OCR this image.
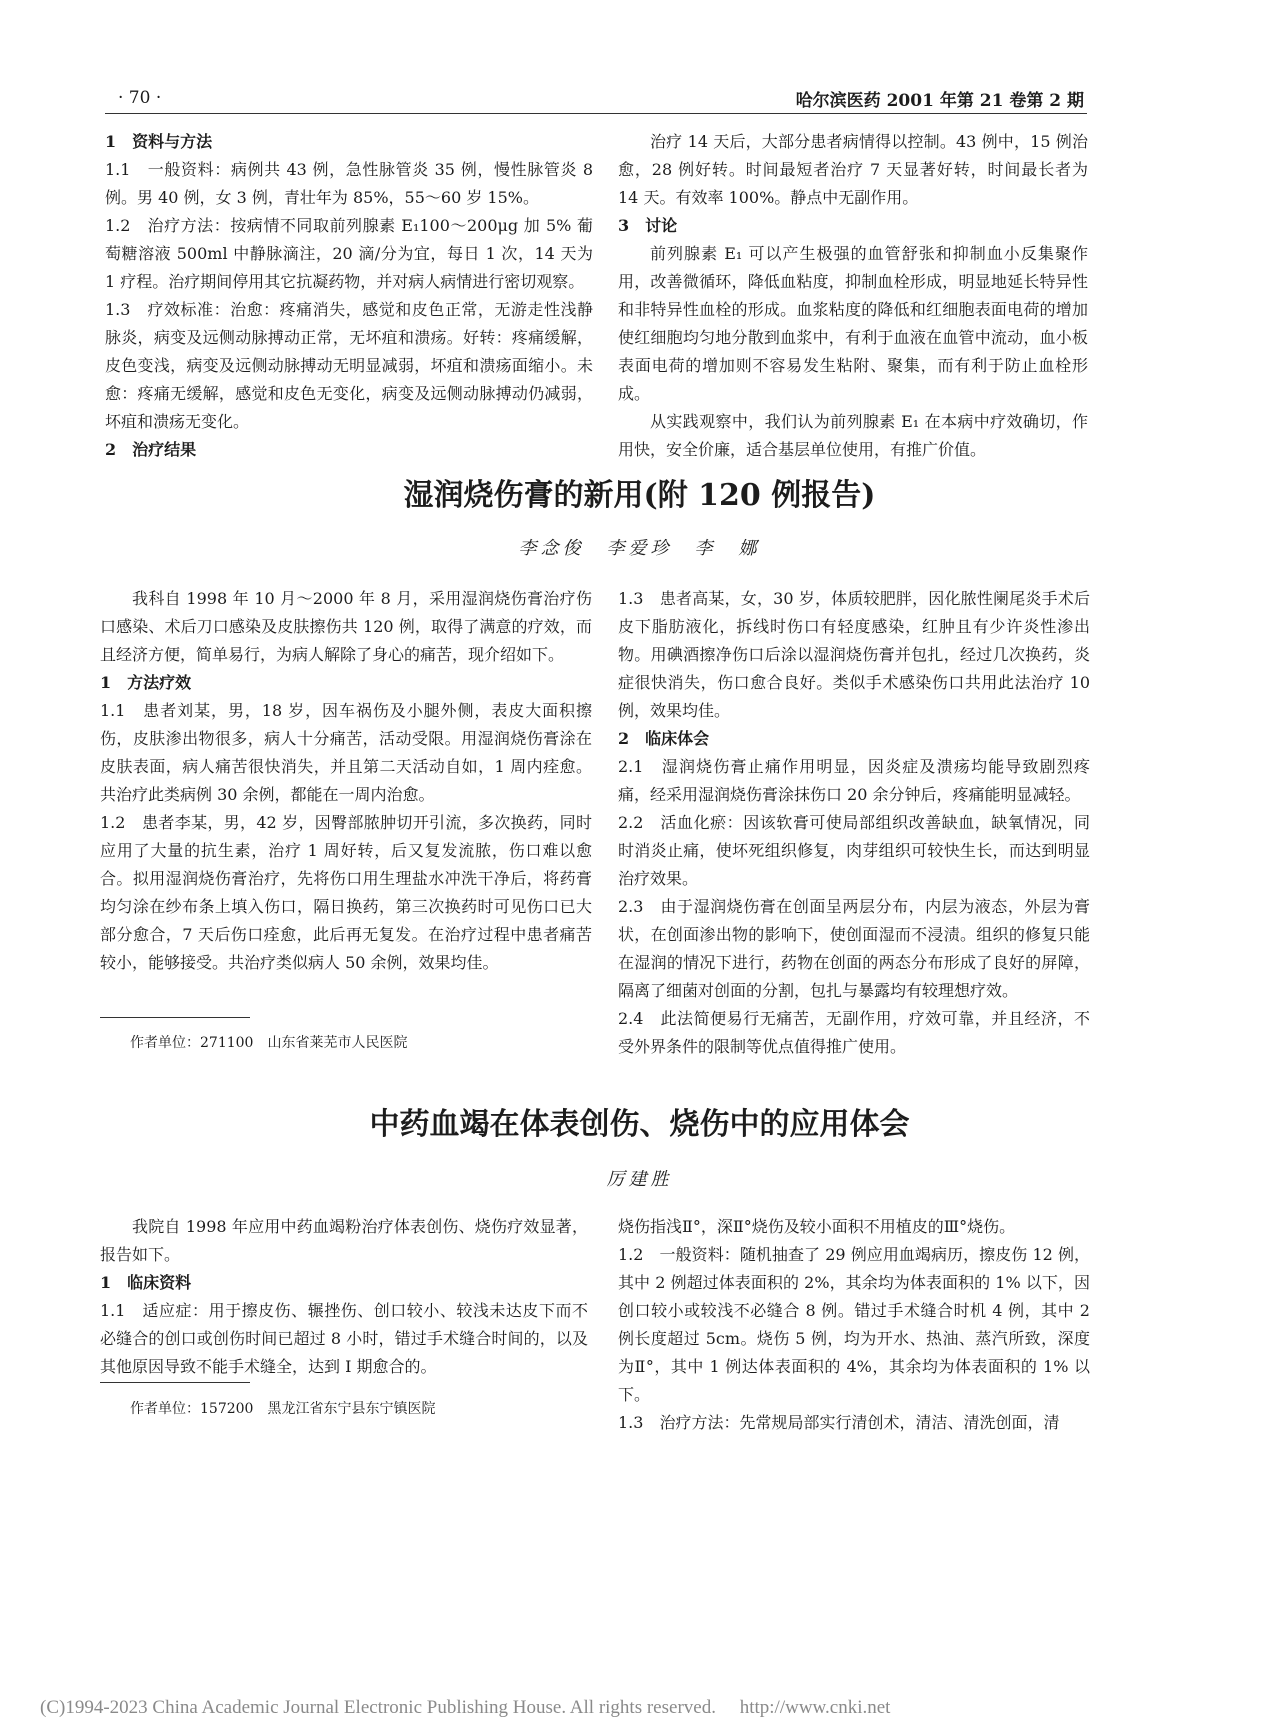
· 70 ·	哈尔滨医药 2001 年第 21 卷第 2 期

1　资料与方法

1.1　一般资料：病例共 43 例，急性脉管炎 35 例，慢性脉管炎 8 例。男 40 例，女 3 例，青壮年为 85%，55～60 岁 15%。

1.2　治疗方法：按病情不同取前列腺素 E₁100～200μg 加 5% 葡萄糖溶液 500ml 中静脉滴注，20 滴/分为宜，每日 1 次，14 天为 1 疗程。治疗期间停用其它抗凝药物，并对病人病情进行密切观察。

1.3　疗效标准：治愈：疼痛消失，感觉和皮色正常，无游走性浅静脉炎，病变及远侧动脉搏动正常，无坏疽和溃疡。好转：疼痛缓解，皮色变浅，病变及远侧动脉搏动无明显减弱，坏疽和溃疡面缩小。未愈：疼痛无缓解，感觉和皮色无变化，病变及远侧动脉搏动仍减弱，坏疽和溃疡无变化。

2　治疗结果

治疗 14 天后，大部分患者病情得以控制。43 例中，15 例治愈，28 例好转。时间最短者治疗 7 天显著好转，时间最长者为 14 天。有效率 100%。静点中无副作用。

3　讨论

前列腺素 E₁ 可以产生极强的血管舒张和抑制血小反集聚作用，改善微循环，降低血粘度，抑制血栓形成，明显地延长特异性和非特异性血栓的形成。血浆粘度的降低和红细胞表面电荷的增加使红细胞均匀地分散到血浆中，有利于血液在血管中流动，血小板表面电荷的增加则不容易发生粘附、聚集，而有利于防止血栓形成。

从实践观察中，我们认为前列腺素 E₁ 在本病中疗效确切，作用快，安全价廉，适合基层单位使用，有推广价值。

湿润烧伤膏的新用(附 120 例报告)
李念俊　李爱珍　李　娜

我科自 1998 年 10 月～2000 年 8 月，采用湿润烧伤膏治疗伤口感染、术后刀口感染及皮肤擦伤共 120 例，取得了满意的疗效，而且经济方便，简单易行，为病人解除了身心的痛苦，现介绍如下。

1　方法疗效

1.1　患者刘某，男，18 岁，因车祸伤及小腿外侧，表皮大面积擦伤，皮肤渗出物很多，病人十分痛苦，活动受限。用湿润烧伤膏涂在皮肤表面，病人痛苦很快消失，并且第二天活动自如，1 周内痊愈。共治疗此类病例 30 余例，都能在一周内治愈。

1.2　患者李某，男，42 岁，因臀部脓肿切开引流，多次换药，同时应用了大量的抗生素，治疗 1 周好转，后又复发流脓，伤口难以愈合。拟用湿润烧伤膏治疗，先将伤口用生理盐水冲洗干净后，将药膏均匀涂在纱布条上填入伤口，隔日换药，第三次换药时可见伤口已大部分愈合，7 天后伤口痊愈，此后再无复发。在治疗过程中患者痛苦较小，能够接受。共治疗类似病人 50 余例，效果均佳。

1.3　患者高某，女，30 岁，体质较肥胖，因化脓性阑尾炎手术后皮下脂肪液化，拆线时伤口有轻度感染，红肿且有少许炎性渗出物。用碘酒擦净伤口后涂以湿润烧伤膏并包扎，经过几次换药，炎症很快消失，伤口愈合良好。类似手术感染伤口共用此法治疗 10 例，效果均佳。

2　临床体会

2.1　湿润烧伤膏止痛作用明显，因炎症及溃疡均能导致剧烈疼痛，经采用湿润烧伤膏涂抹伤口 20 余分钟后，疼痛能明显减轻。

2.2　活血化瘀：因该软膏可使局部组织改善缺血，缺氧情况，同时消炎止痛，使坏死组织修复，肉芽组织可较快生长，而达到明显治疗效果。

2.3　由于湿润烧伤膏在创面呈两层分布，内层为液态，外层为膏状，在创面渗出物的影响下，使创面湿而不浸渍。组织的修复只能在湿润的情况下进行，药物在创面的两态分布形成了良好的屏障，隔离了细菌对创面的分割，包扎与暴露均有较理想疗效。

2.4　此法简便易行无痛苦，无副作用，疗效可靠，并且经济，不受外界条件的限制等优点值得推广使用。

作者单位：271100　山东省莱芜市人民医院
中药血竭在体表创伤、烧伤中的应用体会
厉建胜

我院自 1998 年应用中药血竭粉治疗体表创伤、烧伤疗效显著，报告如下。

1　临床资料

1.1　适应症：用于擦皮伤、辗挫伤、创口较小、较浅未达皮下而不必缝合的创口或创伤时间已超过 8 小时，错过手术缝合时间的，以及其他原因导致不能手术缝全，达到 Ⅰ 期愈合的。

烧伤指浅Ⅱ°，深Ⅱ°烧伤及较小面积不用植皮的Ⅲ°烧伤。

1.2　一般资料：随机抽查了 29 例应用血竭病历，擦皮伤 12 例，其中 2 例超过体表面积的 2%，其余均为体表面积的 1% 以下，因创口较小或较浅不必缝合 8 例。错过手术缝合时机 4 例，其中 2 例长度超过 5cm。烧伤 5 例，均为开水、热油、蒸汽所致，深度为Ⅱ°，其中 1 例达体表面积的 4%，其余均为体表面积的 1% 以下。

1.3　治疗方法：先常规局部实行清创术，清洁、清洗创面，清

作者单位：157200　黑龙江省东宁县东宁镇医院
(C)1994-2023 China Academic Journal Electronic Publishing House. All rights reserved.　 http://www.cnki.net
